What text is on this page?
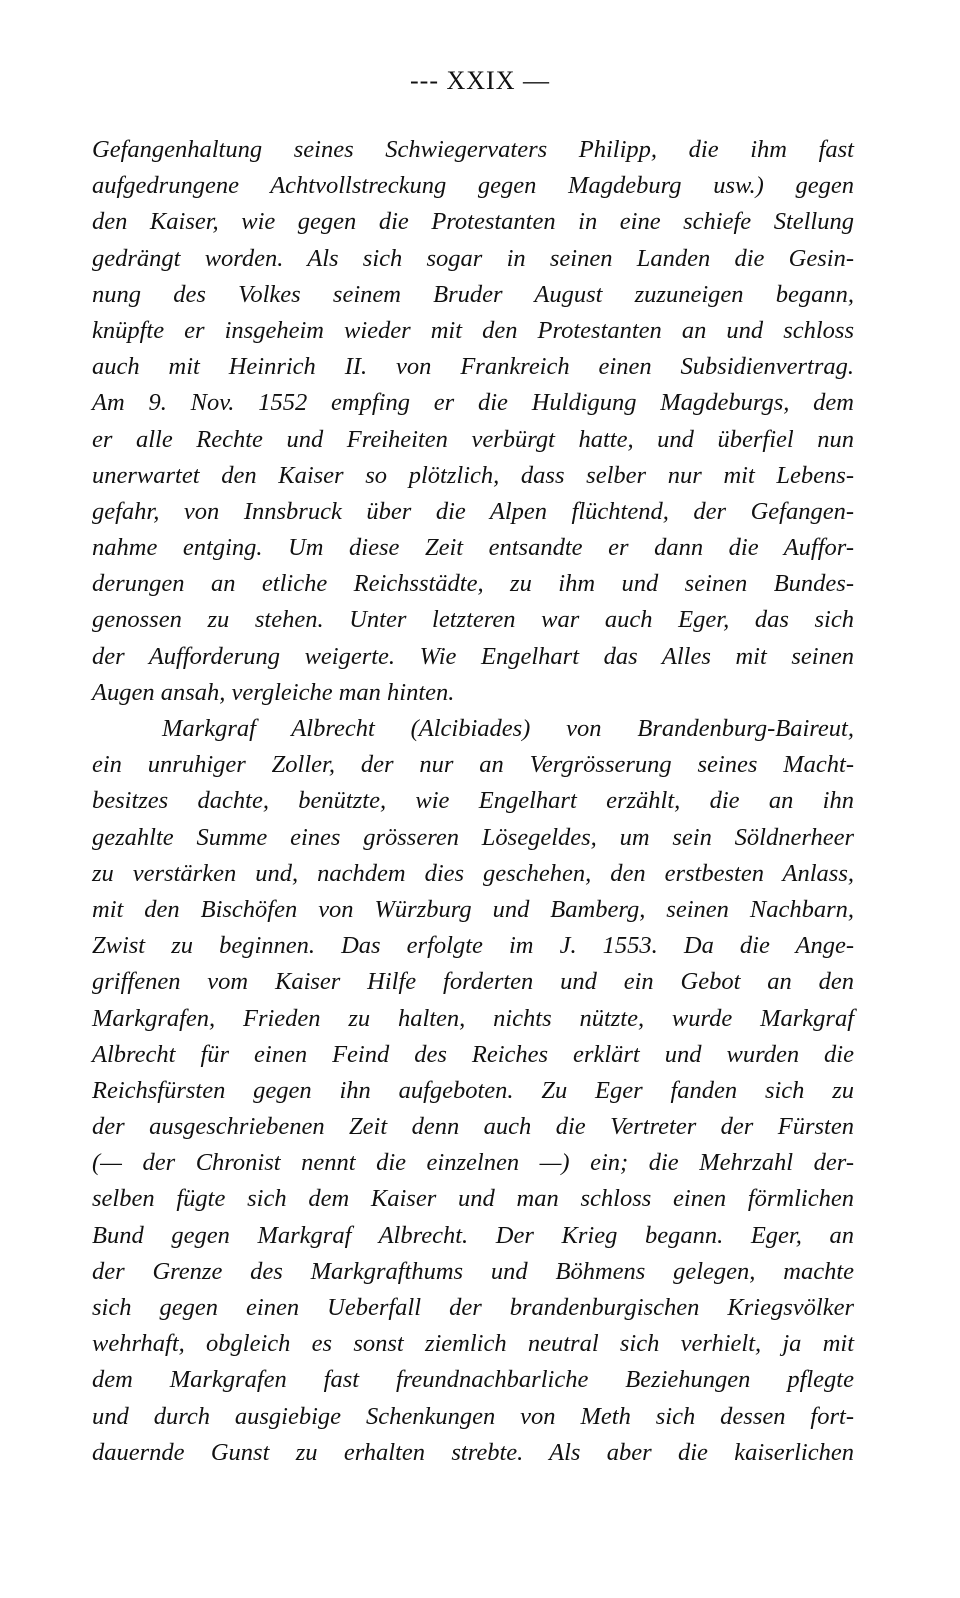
--- XXIX —
Gefangenhaltung seines Schwiegervaters Philipp, die ihm fast
aufgedrungene Achtvollstreckung gegen Magdeburg usw.) gegen
den Kaiser, wie gegen die Protestanten in eine schiefe Stellung
gedrängt worden. Als sich sogar in seinen Landen die Gesin-
nung des Volkes seinem Bruder August zuzuneigen begann,
knüpfte er insgeheim wieder mit den Protestanten an und schloss
auch mit Heinrich II. von Frankreich einen Subsidienvertrag.
Am 9. Nov. 1552 empfing er die Huldigung Magdeburgs, dem
er alle Rechte und Freiheiten verbürgt hatte, und überfiel nun
unerwartet den Kaiser so plötzlich, dass selber nur mit Lebens-
gefahr, von Innsbruck über die Alpen flüchtend, der Gefangen-
nahme entging. Um diese Zeit entsandte er dann die Auffor-
derungen an etliche Reichsstädte, zu ihm und seinen Bundes-
genossen zu stehen. Unter letzteren war auch Eger, das sich
der Aufforderung weigerte. Wie Engelhart das Alles mit seinen
Augen ansah, vergleiche man hinten.
Markgraf Albrecht (Alcibiades) von Brandenburg-Baireut,
ein unruhiger Zoller, der nur an Vergrösserung seines Macht-
besitzes dachte, benützte, wie Engelhart erzählt, die an ihn
gezahlte Summe eines grösseren Lösegeldes, um sein Söldnerheer
zu verstärken und, nachdem dies geschehen, den erstbesten Anlass,
mit den Bischöfen von Würzburg und Bamberg, seinen Nachbarn,
Zwist zu beginnen. Das erfolgte im J. 1553. Da die Ange-
griffenen vom Kaiser Hilfe forderten und ein Gebot an den
Markgrafen, Frieden zu halten, nichts nützte, wurde Markgraf
Albrecht für einen Feind des Reiches erklärt und wurden die
Reichsfürsten gegen ihn aufgeboten. Zu Eger fanden sich zu
der ausgeschriebenen Zeit denn auch die Vertreter der Fürsten
(— der Chronist nennt die einzelnen —) ein; die Mehrzahl der-
selben fügte sich dem Kaiser und man schloss einen förmlichen
Bund gegen Markgraf Albrecht. Der Krieg begann. Eger, an
der Grenze des Markgrafthums und Böhmens gelegen, machte
sich gegen einen Ueberfall der brandenburgischen Kriegsvölker
wehrhaft, obgleich es sonst ziemlich neutral sich verhielt, ja mit
dem Markgrafen fast freundnachbarliche Beziehungen pflegte
und durch ausgiebige Schenkungen von Meth sich dessen fort-
dauernde Gunst zu erhalten strebte. Als aber die kaiserlichen
